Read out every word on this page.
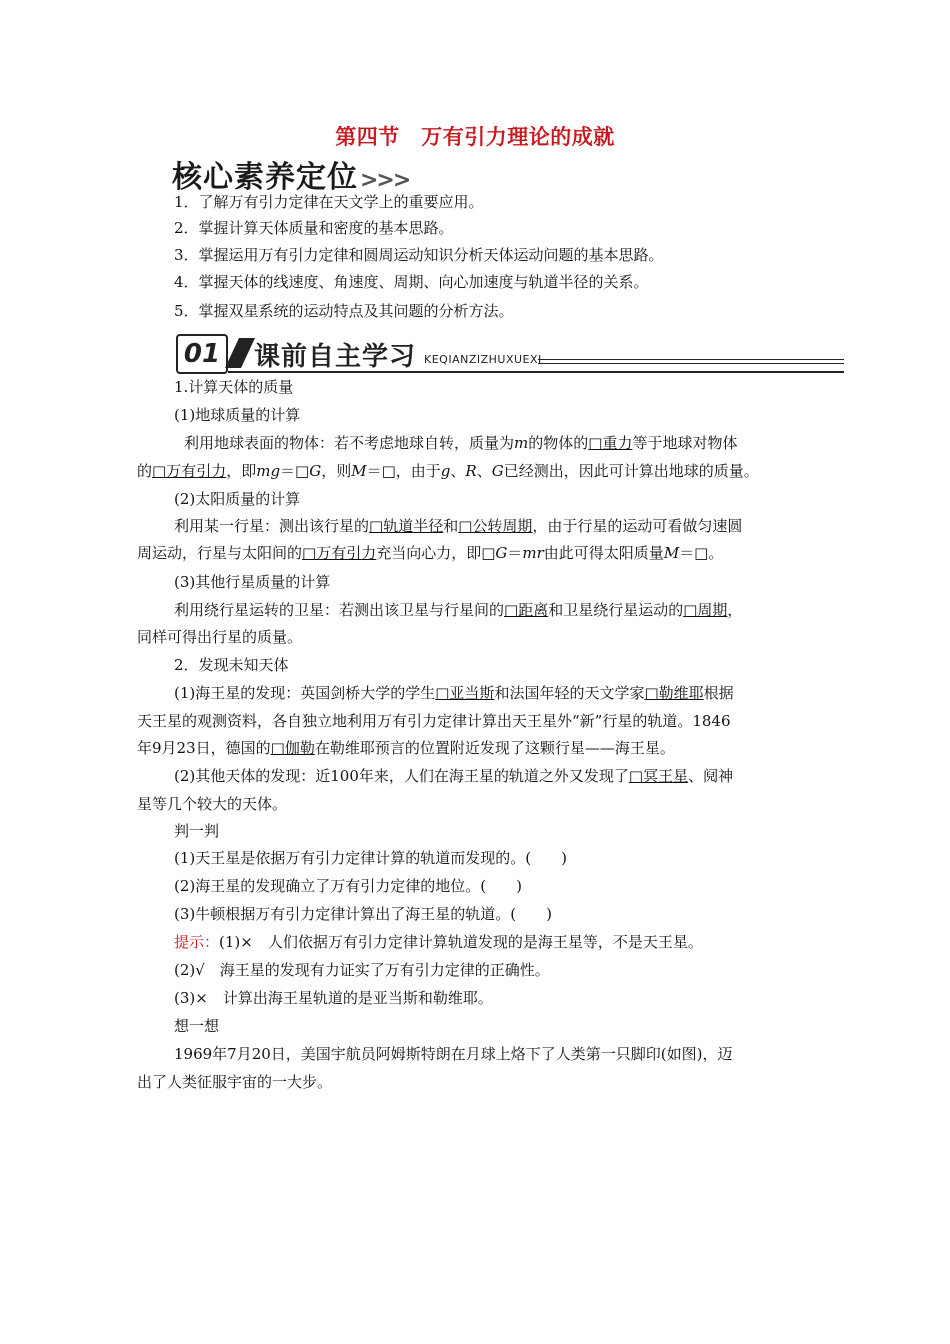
第四节　万有引力理论的成就
核心素养定位>>>
1．了解万有引力定律在天文学上的重要应用。
2．掌握计算天体质量和密度的基本思路。
3．掌握运用万有引力定律和圆周运动知识分析天体运动问题的基本思路。
4．掌握天体的线速度、角速度、周期、向心加速度与轨道半径的关系。
5．掌握双星系统的运动特点及其问题的分析方法。
01	课前自主学习 KEQIANZIZHUXUEXI
1.计算天体的质量
(1)地球质量的计算
利用地球表面的物体：若不考虑地球自转，质量为m的物体的□重力等于地球对物体
的□万有引力，即mg＝□G，则M＝□，由于g、R、G已经测出，因此可计算出地球的质量。
(2)太阳质量的计算
利用某一行星：测出该行星的□轨道半径和□公转周期，由于行星的运动可看做匀速圆
周运动，行星与太阳间的□万有引力充当向心力，即□G＝mr由此可得太阳质量M＝□。
(3)其他行星质量的计算
利用绕行星运转的卫星：若测出该卫星与行星间的□距离和卫星绕行星运动的□周期，
同样可得出行星的质量。
2．发现未知天体
(1)海王星的发现：英国剑桥大学的学生□亚当斯和法国年轻的天文学家□勒维耶根据
天王星的观测资料，各自独立地利用万有引力定律计算出天王星外“新”行星的轨道。1846
年9月23日，德国的□伽勒在勒维耶预言的位置附近发现了这颗行星——海王星。
(2)其他天体的发现：近100年来，人们在海王星的轨道之外又发现了□冥王星、阋神
星等几个较大的天体。
判一判
(1)天王星是依据万有引力定律计算的轨道而发现的。(　　)
(2)海王星的发现确立了万有引力定律的地位。(　　)
(3)牛顿根据万有引力定律计算出了海王星的轨道。(　　)
提示：(1)×　人们依据万有引力定律计算轨道发现的是海王星等，不是天王星。
(2)√　海王星的发现有力证实了万有引力定律的正确性。
(3)×　计算出海王星轨道的是亚当斯和勒维耶。
想一想
1969年7月20日，美国宇航员阿姆斯特朗在月球上烙下了人类第一只脚印(如图)，迈
出了人类征服宇宙的一大步。
